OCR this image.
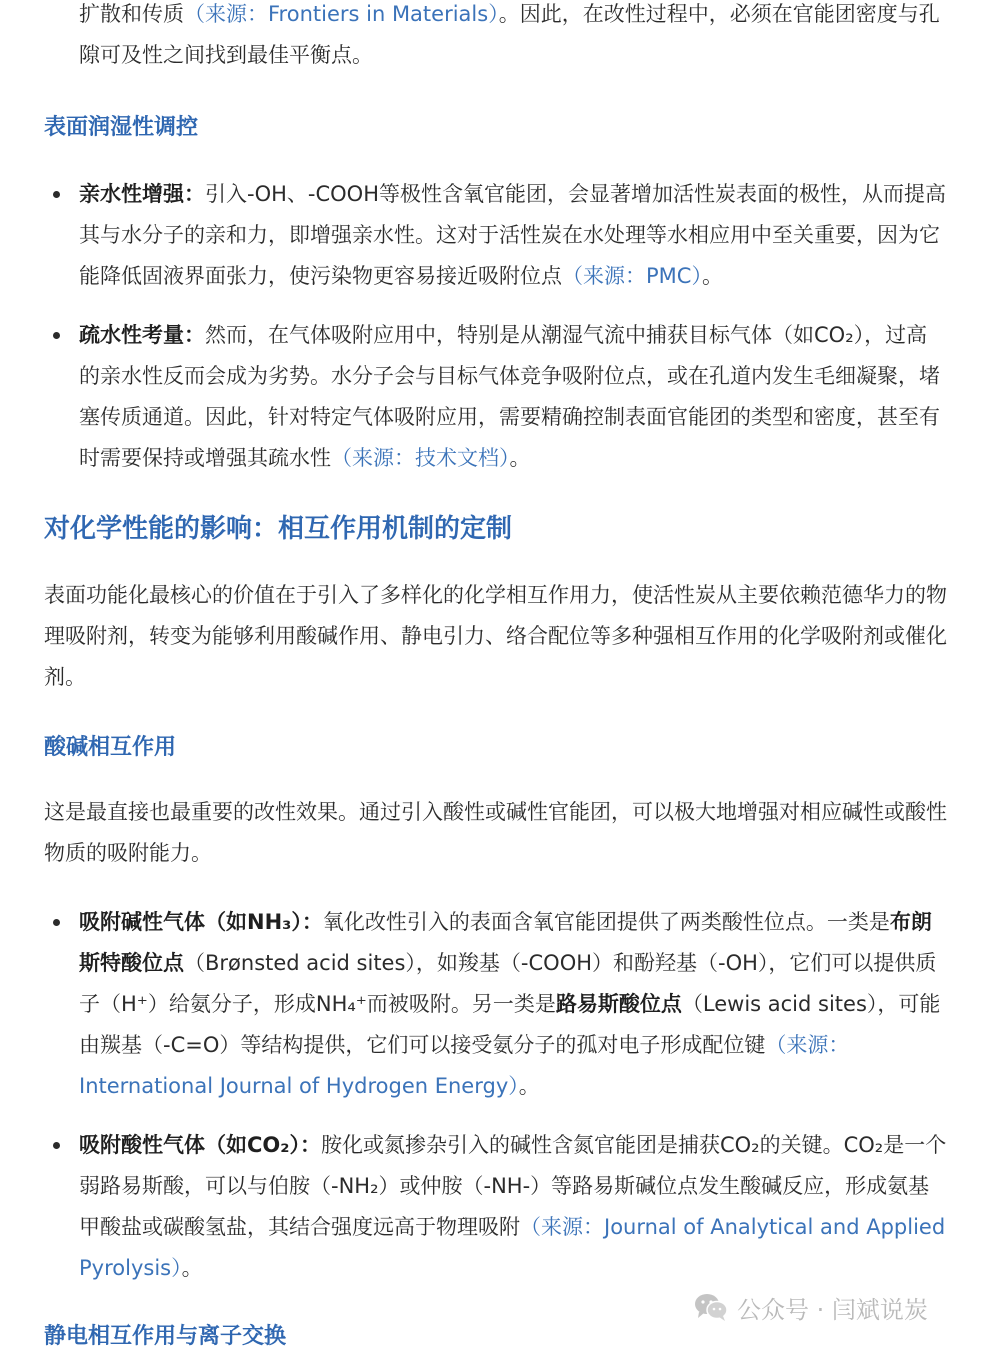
扩散和传质（来源：Frontiers in Materials）。因此，在改性过程中，必须在官能团密度与孔隙可及性之间找到最佳平衡点。

表面润湿性调控
亲水性增强：引入-OH、-COOH等极性含氧官能团，会显著增加活性炭表面的极性，从而提高其与水分子的亲和力，即增强亲水性。这对于活性炭在水处理等水相应用中至关重要，因为它能降低固液界面张力，使污染物更容易接近吸附位点（来源：PMC）。
疏水性考量：然而，在气体吸附应用中，特别是从潮湿气流中捕获目标气体（如CO₂），过高的亲水性反而会成为劣势。水分子会与目标气体竞争吸附位点，或在孔道内发生毛细凝聚，堵塞传质通道。因此，针对特定气体吸附应用，需要精确控制表面官能团的类型和密度，甚至有时需要保持或增强其疏水性（来源：技术文档）。
对化学性能的影响：相互作用机制的定制

表面功能化最核心的价值在于引入了多样化的化学相互作用力，使活性炭从主要依赖范德华力的物理吸附剂，转变为能够利用酸碱作用、静电引力、络合配位等多种强相互作用的化学吸附剂或催化剂。

酸碱相互作用

这是最直接也最重要的改性效果。通过引入酸性或碱性官能团，可以极大地增强对相应碱性或酸性物质的吸附能力。

吸附碱性气体（如NH₃）：氧化改性引入的表面含氧官能团提供了两类酸性位点。一类是布朗斯特酸位点（Brønsted acid sites），如羧基（-COOH）和酚羟基（-OH），它们可以提供质子（H⁺）给氨分子，形成NH₄⁺而被吸附。另一类是路易斯酸位点（Lewis acid sites），可能由羰基（-C=O）等结构提供，它们可以接受氨分子的孤对电子形成配位键（来源：International Journal of Hydrogen Energy）。
吸附酸性气体（如CO₂）：胺化或氮掺杂引入的碱性含氮官能团是捕获CO₂的关键。CO₂是一个弱路易斯酸，可以与伯胺（-NH₂）或仲胺（-NH-）等路易斯碱位点发生酸碱反应，形成氨基甲酸盐或碳酸氢盐，其结合强度远高于物理吸附（来源：Journal of Analytical and Applied Pyrolysis）。
静电相互作用与离子交换
公众号 · 闫斌说炭
